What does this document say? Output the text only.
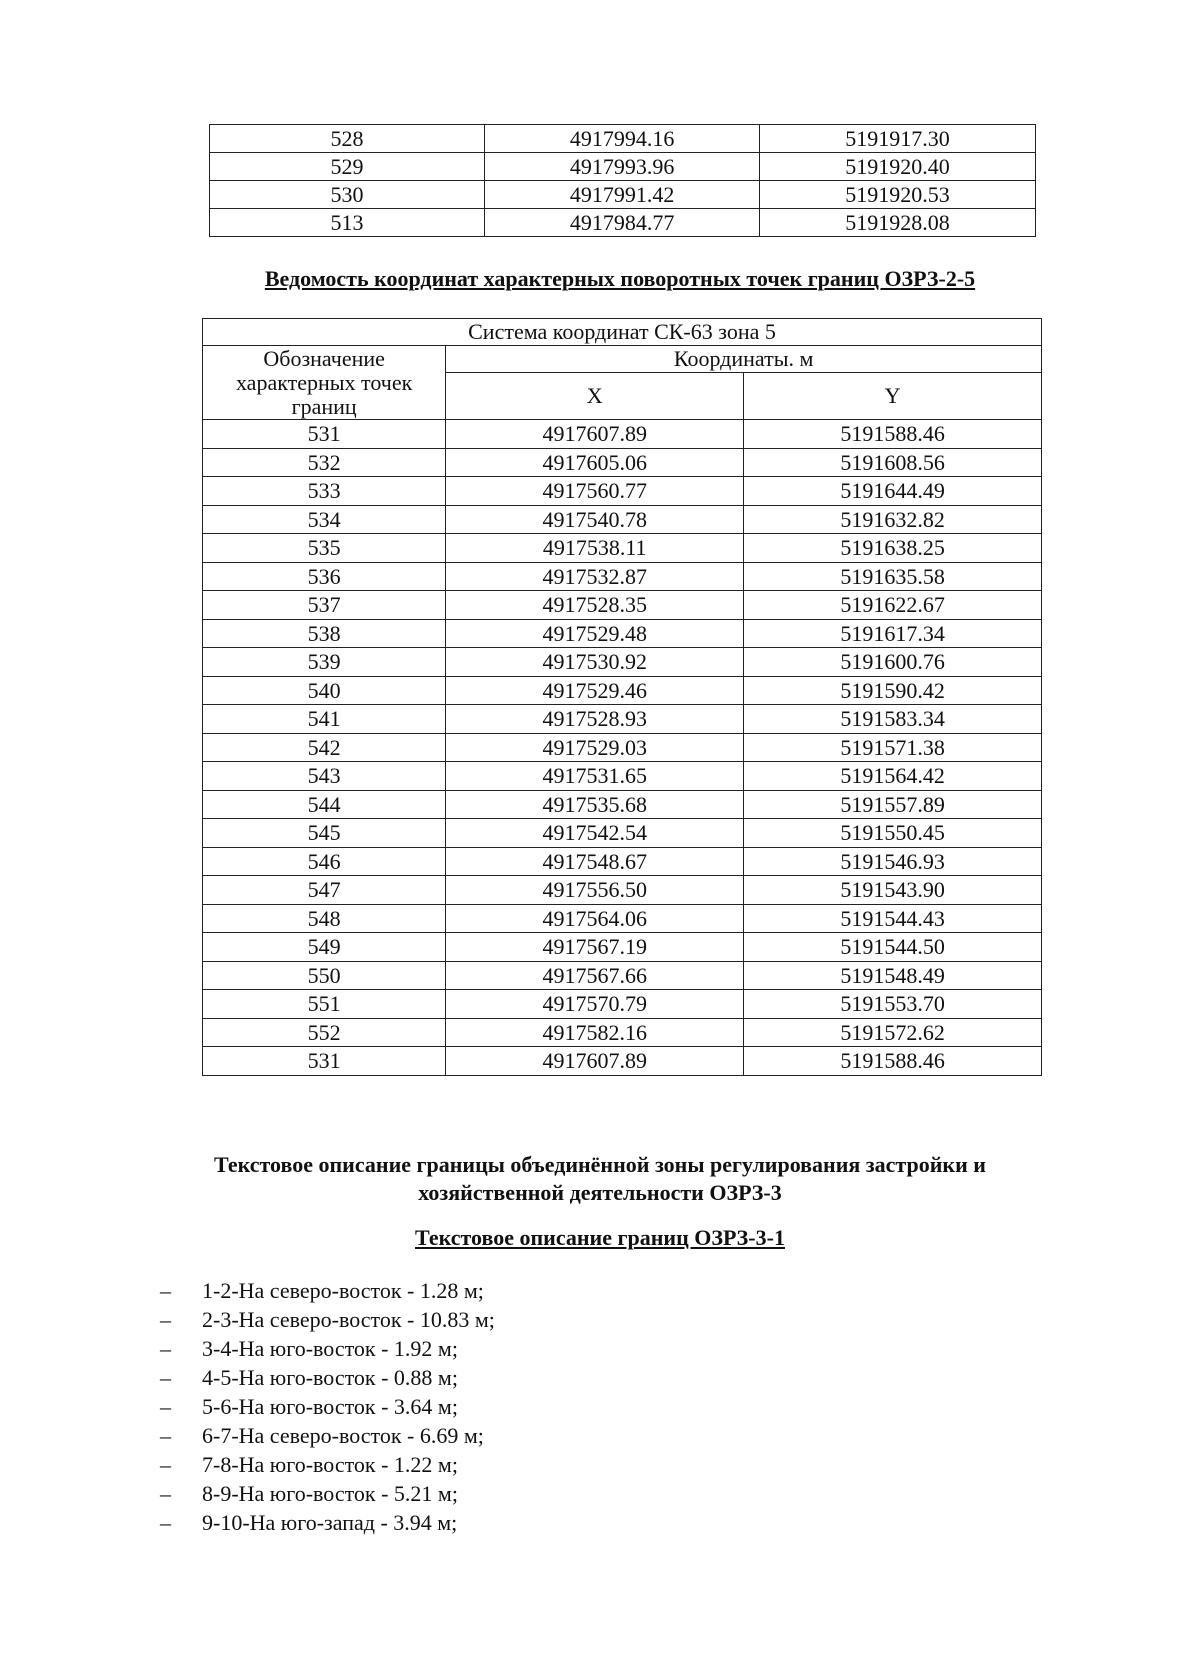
528	4917994.16	5191917.30
529	4917993.96	5191920.40
530	4917991.42	5191920.53
513	4917984.77	5191928.08
Ведомость координат характерных поворотных точек границ ОЗРЗ-2-5
Система координат СК-63 зона 5		
Обозначение характерных точек границ	Координаты. м	
	X	Y
531	4917607.89	5191588.46
532	4917605.06	5191608.56
533	4917560.77	5191644.49
534	4917540.78	5191632.82
535	4917538.11	5191638.25
536	4917532.87	5191635.58
537	4917528.35	5191622.67
538	4917529.48	5191617.34
539	4917530.92	5191600.76
540	4917529.46	5191590.42
541	4917528.93	5191583.34
542	4917529.03	5191571.38
543	4917531.65	5191564.42
544	4917535.68	5191557.89
545	4917542.54	5191550.45
546	4917548.67	5191546.93
547	4917556.50	5191543.90
548	4917564.06	5191544.43
549	4917567.19	5191544.50
550	4917567.66	5191548.49
551	4917570.79	5191553.70
552	4917582.16	5191572.62
531	4917607.89	5191588.46
Текстовое описание границы объединённой зоны регулирования застройки и хозяйственной деятельности ОЗРЗ-3
Текстовое описание границ ОЗРЗ-3-1
– 1-2-На северо-восток - 1.28 м;
– 2-3-На северо-восток - 10.83 м;
– 3-4-На юго-восток - 1.92 м;
– 4-5-На юго-восток - 0.88 м;
– 5-6-На юго-восток - 3.64 м;
– 6-7-На северо-восток - 6.69 м;
– 7-8-На юго-восток - 1.22 м;
– 8-9-На юго-восток - 5.21 м;
– 9-10-На юго-запад - 3.94 м;
